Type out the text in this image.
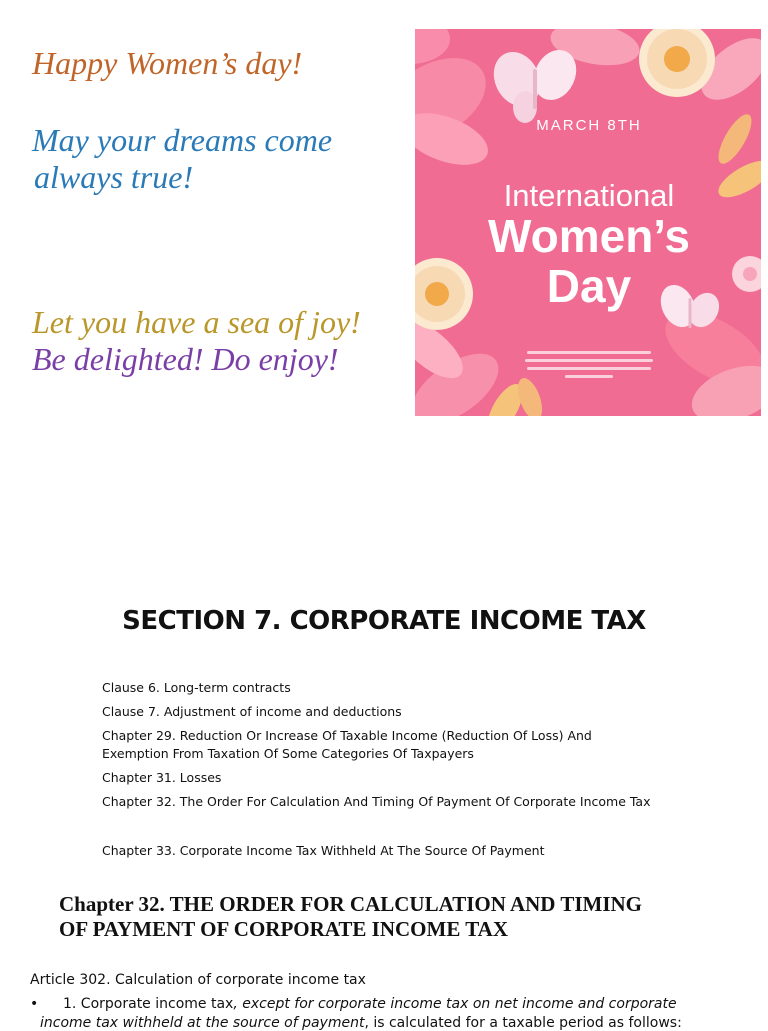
Happy Women’s day!

May your dreams come

always true!

Let you have a sea of joy!

Be delighted! Do enjoy!

MARCH 8TH
International
Women’s
Day
SECTION 7. CORPORATE INCOME TAX

Clause 6. Long-term contracts

Clause 7. Adjustment of income and deductions

Chapter 29. Reduction Or Increase Of Taxable Income (Reduction Of Loss) And

Exemption From Taxation Of Some Categories Of Taxpayers

Chapter 31. Losses

Chapter 32. The Order For Calculation And Timing Of Payment Of Corporate Income Tax

Chapter 33. Corporate Income Tax Withheld At The Source Of Payment

Chapter 32. THE ORDER FOR CALCULATION AND TIMING
OF PAYMENT OF CORPORATE INCOME TAX

Article 302. Calculation of corporate income tax

• 1. Corporate income tax, except for corporate income tax on net income and corporate

income tax withheld at the source of payment, is calculated for a taxable period as follows:
